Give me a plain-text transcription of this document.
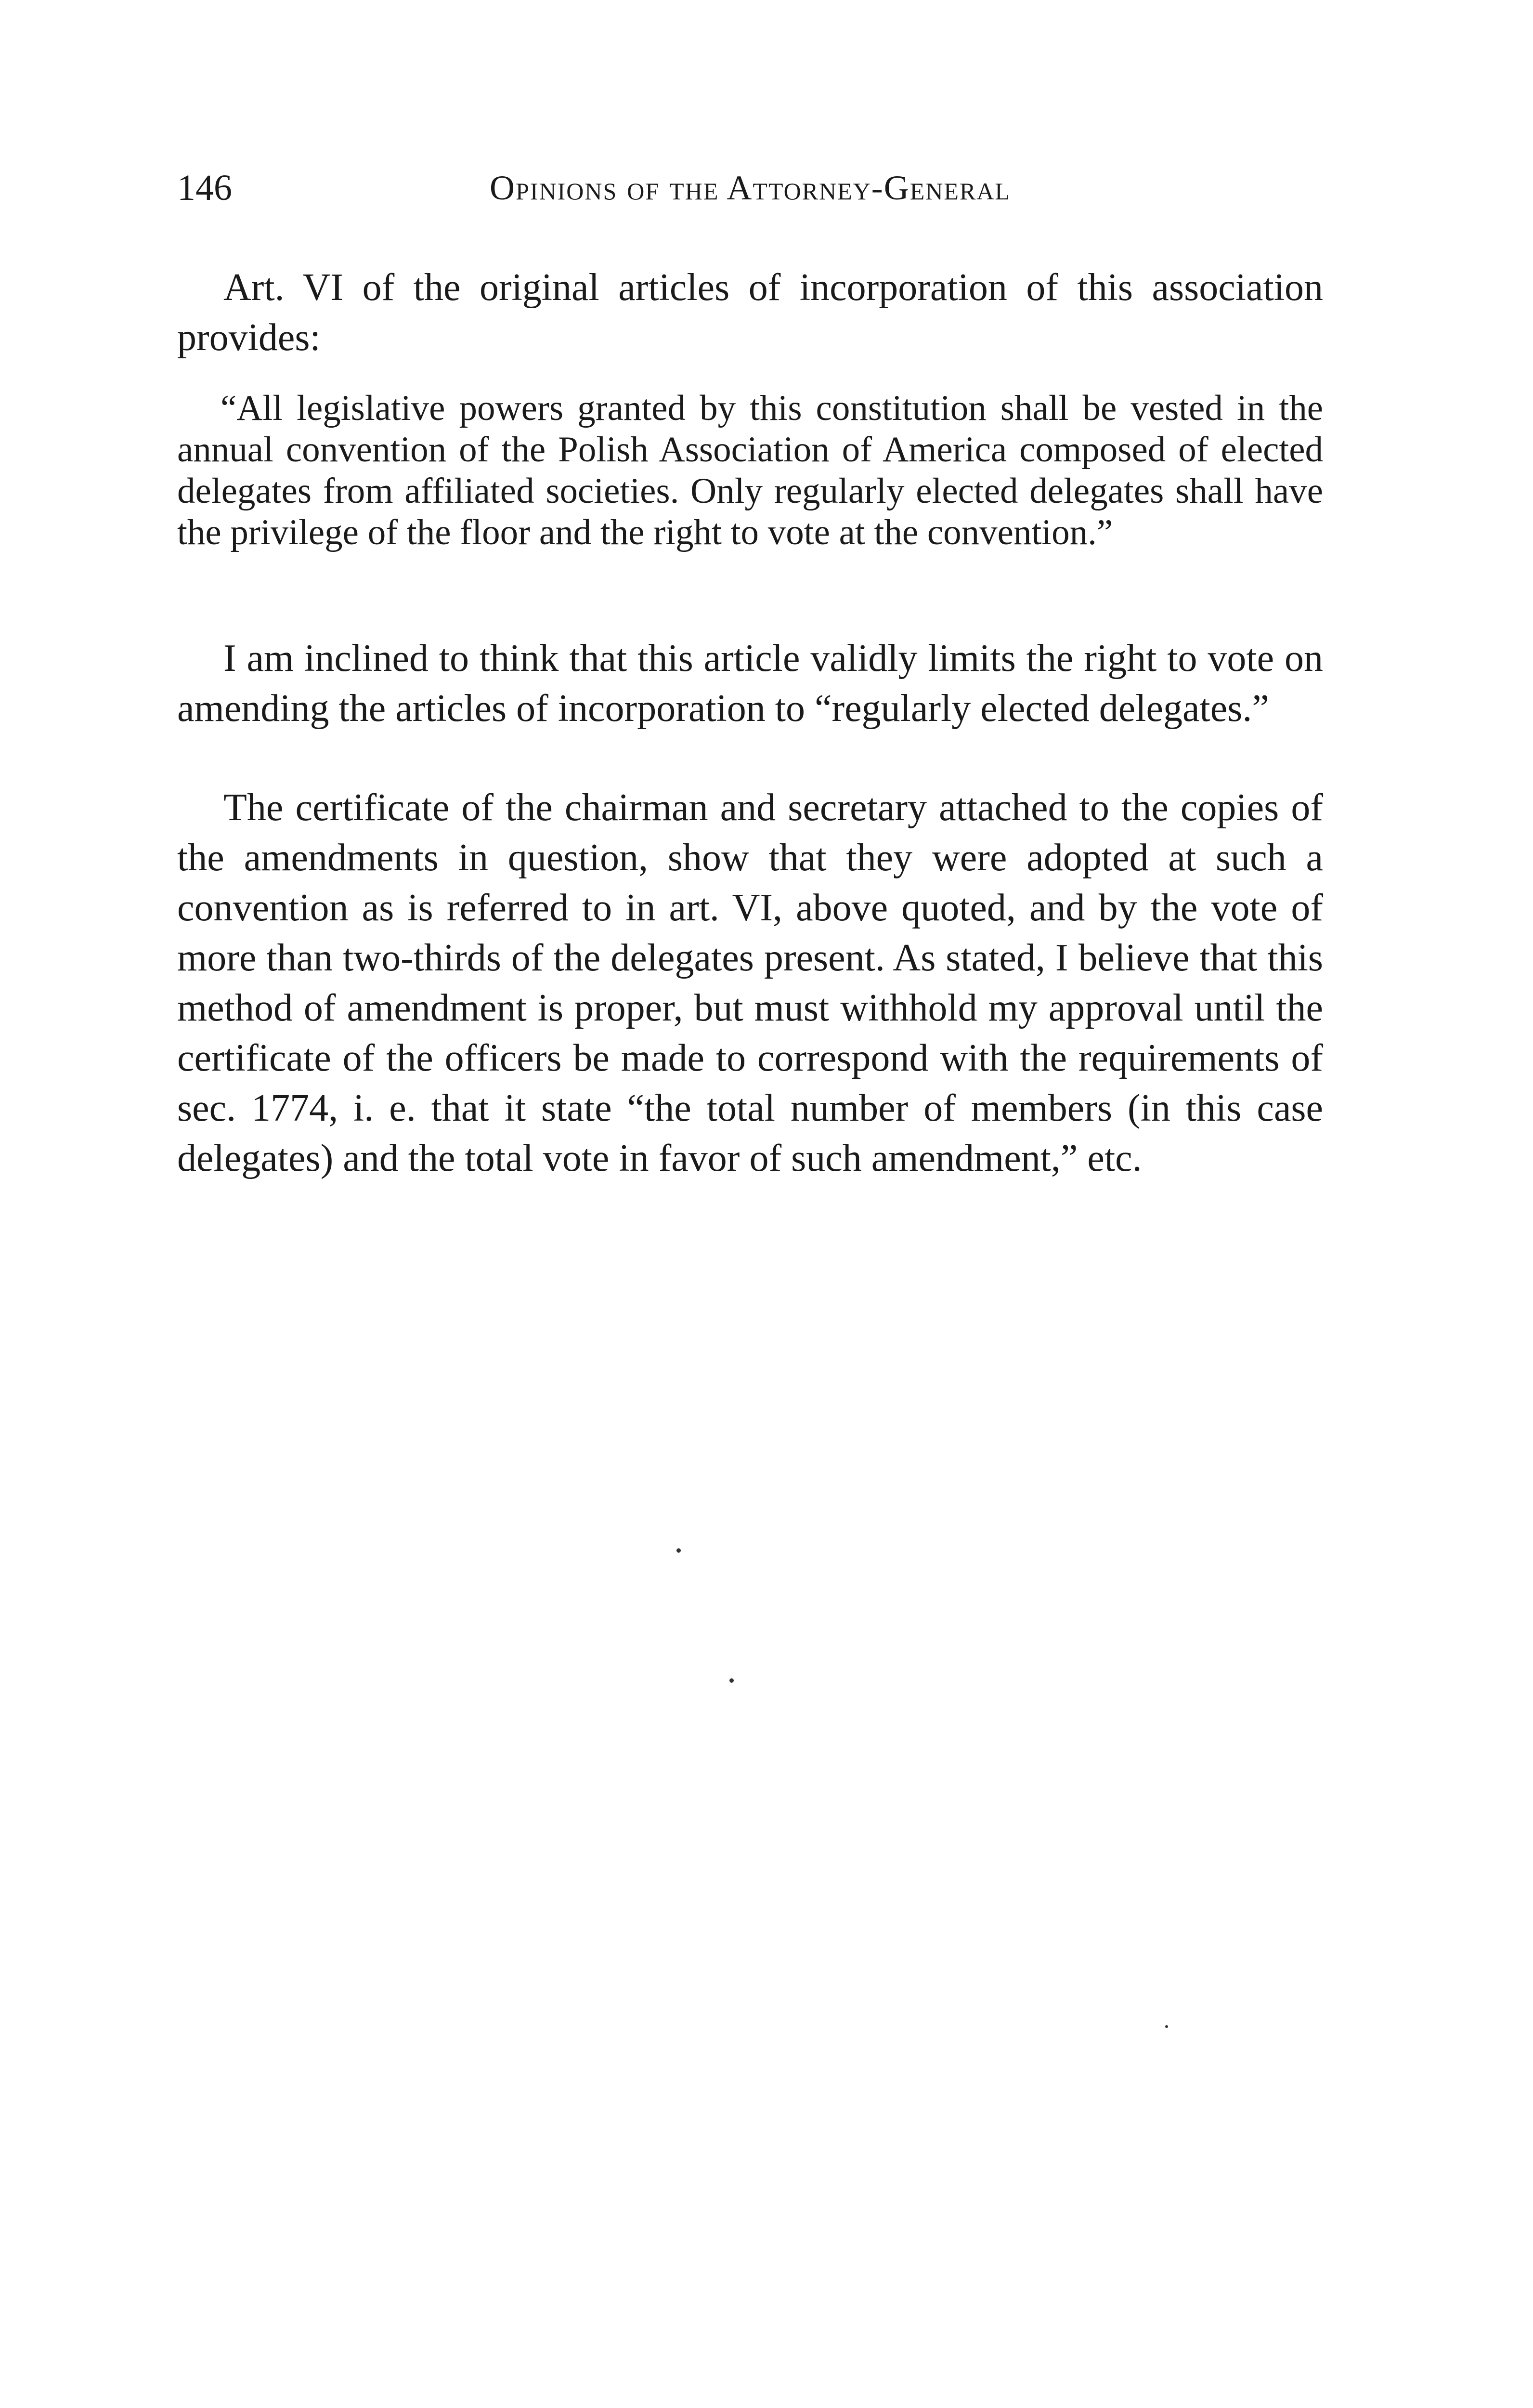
146	Opinions of the Attorney-General

Art. VI of the original articles of incorporation of this association provides:

“All legislative powers granted by this constitution shall be vested in the annual convention of the Polish Association of America composed of elected delegates from affiliated societies. Only regularly elected delegates shall have the privilege of the floor and the right to vote at the convention.”

I am inclined to think that this article validly limits the right to vote on amending the articles of incorporation to “regularly elected delegates.”

The certificate of the chairman and secretary attached to the copies of the amendments in question, show that they were adopted at such a convention as is referred to in art. VI, above quoted, and by the vote of more than two-thirds of the delegates present. As stated, I believe that this method of amendment is proper, but must withhold my approval until the certificate of the officers be made to correspond with the requirements of sec. 1774, i. e. that it state “the total number of members (in this case delegates) and the total vote in favor of such amendment,” etc.
